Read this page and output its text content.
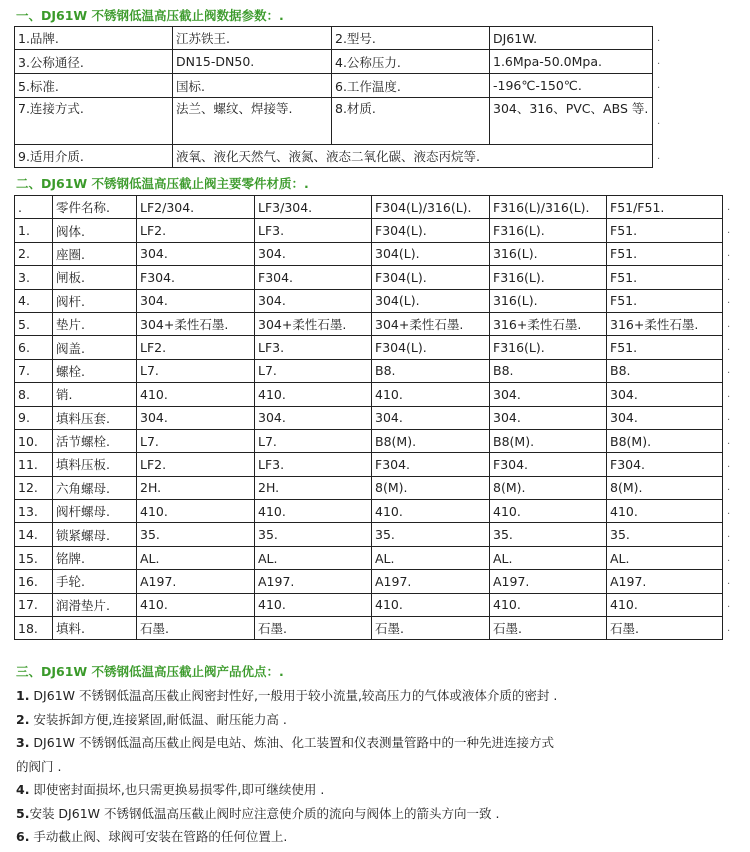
一、DJ61W 不锈钢低温高压截止阀数据参数：.
1.品牌.	江苏铁王.	2.型号.	DJ61W.	.
3.公称通径.	DN15-DN50.	4.公称压力.	1.6Mpa-50.0Mpa.	.
5.标准.	国标.	6.工作温度.	-196℃-150℃.	.
7.连接方式.	法兰、螺纹、焊接等.	8.材质.	304、316、PVC、ABS 等.	.
9.适用介质.	液氧、液化天然气、液氮、液态二氧化碳、液态丙烷等.			.
二、DJ61W 不锈钢低温高压截止阀主要零件材质：.
.	零件名称.	LF2/304.	LF3/304.	F304(L)/316(L).	F316(L)/316(L).	F51/F51.	.
1.	阀体.	LF2.	LF3.	F304(L).	F316(L).	F51.	.
2.	座圈.	304.	304.	304(L).	316(L).	F51.	.
3.	闸板.	F304.	F304.	F304(L).	F316(L).	F51.	.
4.	阀杆.	304.	304.	304(L).	316(L).	F51.	.
5.	垫片.	304+柔性石墨.	304+柔性石墨.	304+柔性石墨.	316+柔性石墨.	316+柔性石墨.	.
6.	阀盖.	LF2.	LF3.	F304(L).	F316(L).	F51.	.
7.	螺栓.	L7.	L7.	B8.	B8.	B8.	.
8.	销.	410.	410.	410.	304.	304.	.
9.	填料压套.	304.	304.	304.	304.	304.	.
10.	活节螺栓.	L7.	L7.	B8(M).	B8(M).	B8(M).	.
11.	填料压板.	LF2.	LF3.	F304.	F304.	F304.	.
12.	六角螺母.	2H.	2H.	8(M).	8(M).	8(M).	.
13.	阀杆螺母.	410.	410.	410.	410.	410.	.
14.	锁紧螺母.	35.	35.	35.	35.	35.	.
15.	铭牌.	AL.	AL.	AL.	AL.	AL.	.
16.	手轮.	A197.	A197.	A197.	A197.	A197.	.
17.	润滑垫片.	410.	410.	410.	410.	410.	.
18.	填料.	石墨.	石墨.	石墨.	石墨.	石墨.	.
三、DJ61W 不锈钢低温高压截止阀产品优点：.
1. DJ61W 不锈钢低温高压截止阀密封性好,一般用于较小流量,较高压力的气体或液体介质的密封 .
2. 安装拆卸方便,连接紧固,耐低温、耐压能力高 .
3. DJ61W 不锈钢低温高压截止阀是电站、炼油、化工装置和仪表测量管路中的一种先进连接方式
的阀门 .
4. 即使密封面损坏,也只需更换易损零件,即可继续使用 .
5.安装 DJ61W 不锈钢低温高压截止阀时应注意使介质的流向与阀体上的箭头方向一致 .
6. 手动截止阀、球阀可安装在管路的任何位置上.
